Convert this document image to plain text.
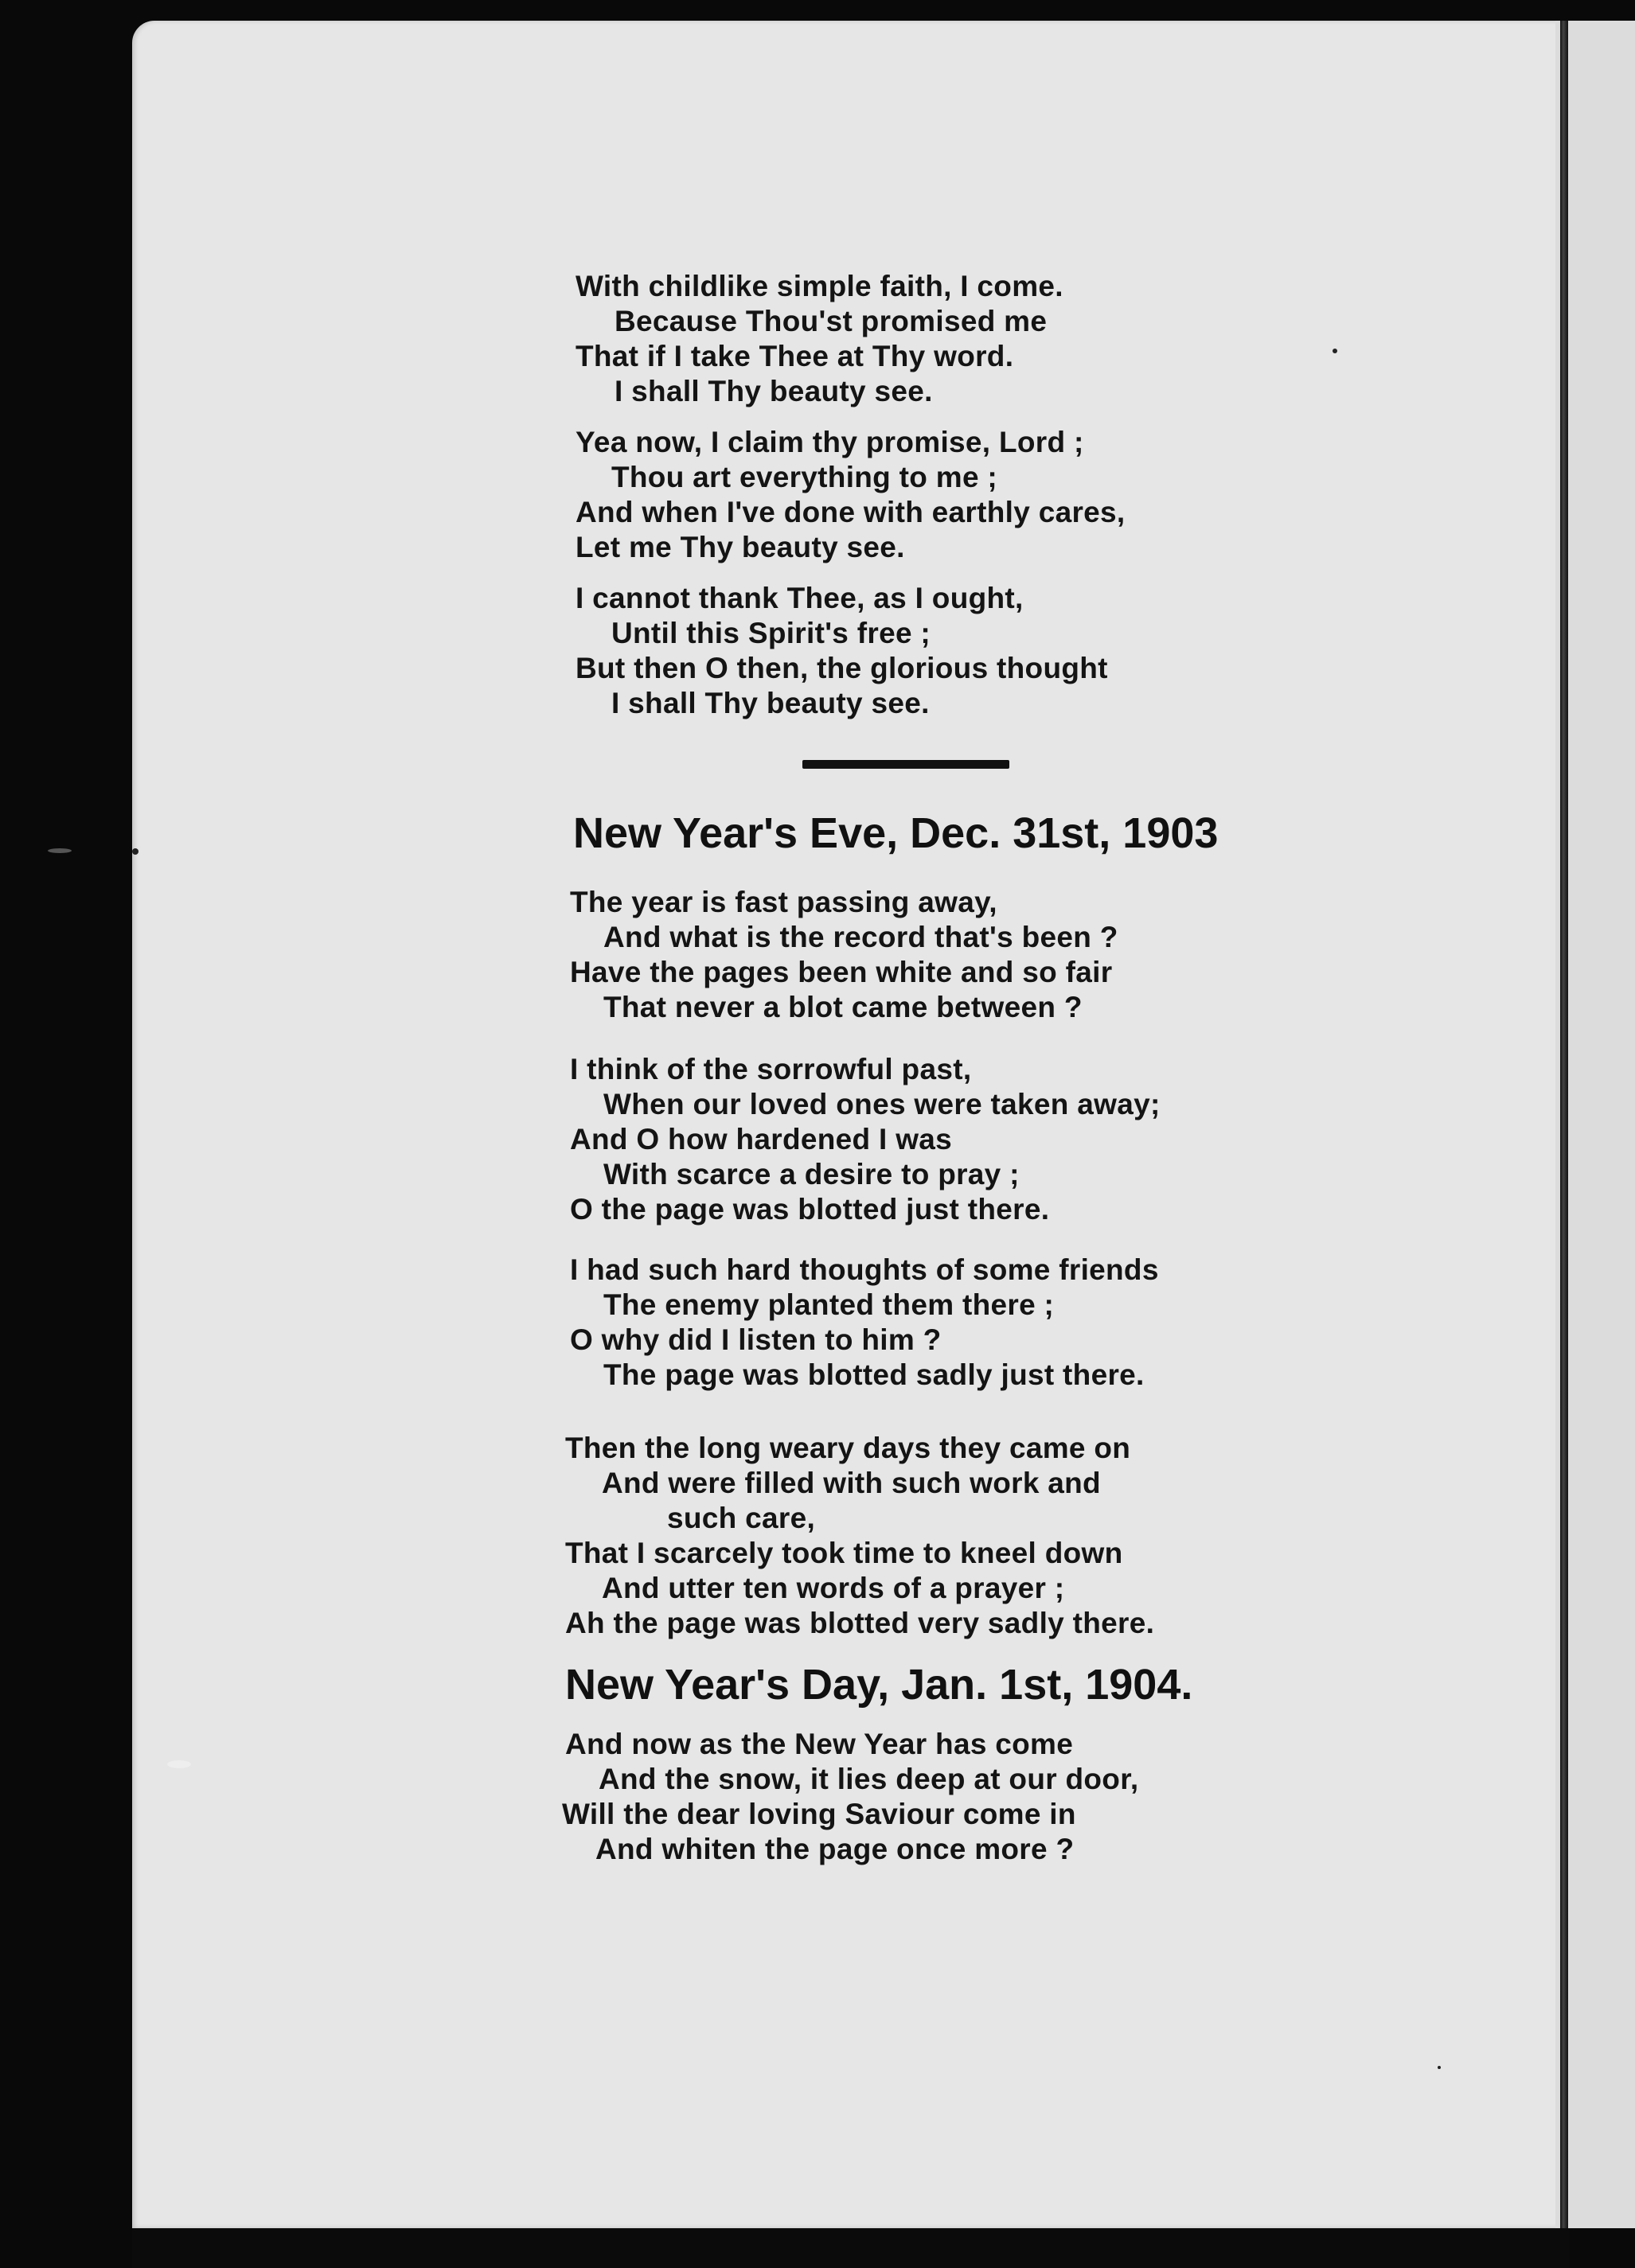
With childlike simple faith, I come.
Because Thou'st promised me
That if I take Thee at Thy word.
I shall Thy beauty see.
Yea now, I claim thy promise, Lord ;
Thou art everything to me ;
And when I've done with earthly cares,
Let me Thy beauty see.
I cannot thank Thee, as I ought,
Until this Spirit's free ;
But then O then, the glorious thought
I shall Thy beauty see.
New Year's Eve, Dec. 31st, 1903
The year is fast passing away,
And what is the record that's been ?
Have the pages been white and so fair
That never a blot came between ?
I think of the sorrowful past,
When our loved ones were taken away;
And O how hardened I was
With scarce a desire to pray ;
O the page was blotted just there.
I had such hard thoughts of some friends
The enemy planted them there ;
O why did I listen to him ?
The page was blotted sadly just there.
Then the long weary days they came on
And were filled with such work and
such care,
That I scarcely took time to kneel down
And utter ten words of a prayer ;
Ah the page was blotted very sadly there.
New Year's Day, Jan. 1st, 1904.
And now as the New Year has come
And the snow, it lies deep at our door,
Will the dear loving Saviour come in
And whiten the page once more ?
